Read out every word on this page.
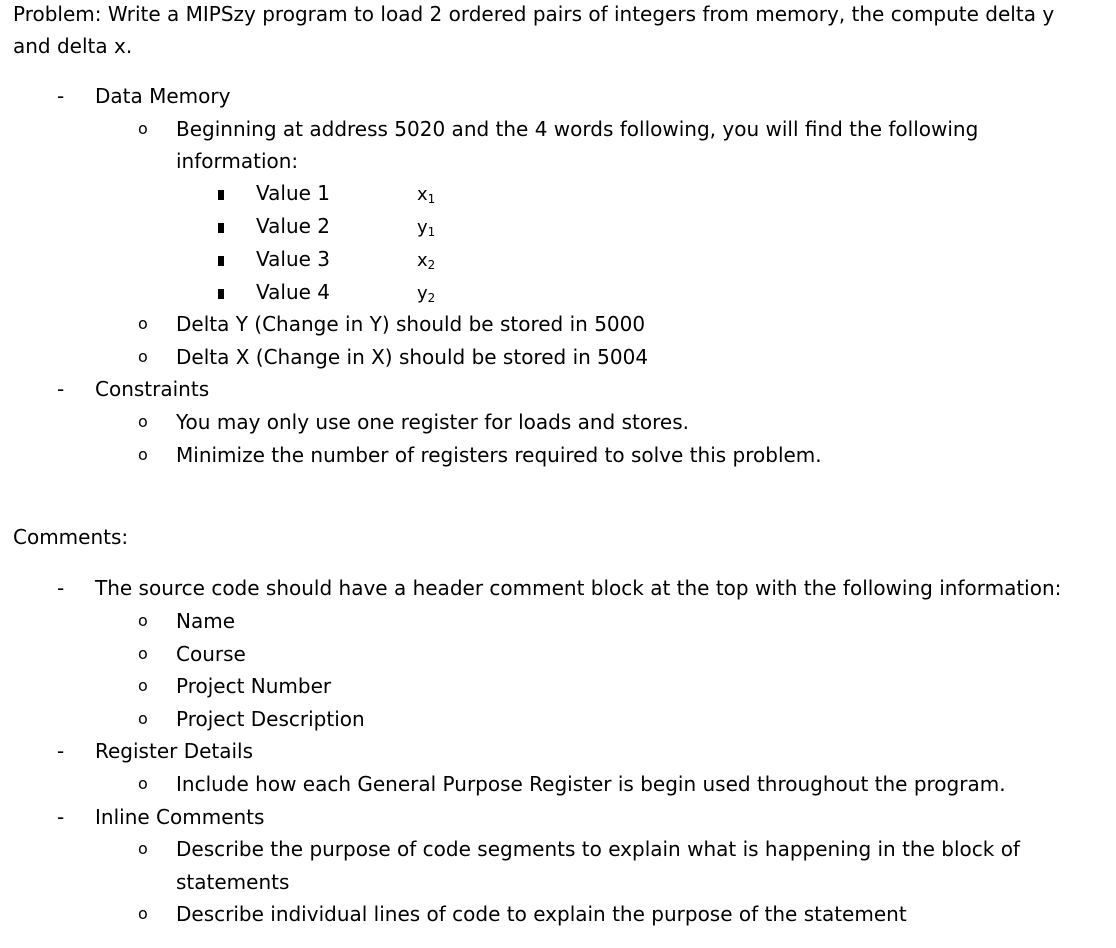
Problem: Write a MIPSzy program to load 2 ordered pairs of integers from memory, the compute delta y
and delta x.
- Data Memory
o Beginning at address 5020 and the 4 words following, you will find the following
information:
Value 1	$x_1$
Value 2	$y_1$
Value 3	$x_2$
Value 4	$y_2$
o Delta Y (Change in Y) should be stored in 5000
o Delta X (Change in X) should be stored in 5004
- Constraints
o You may only use one register for loads and stores.
o Minimize the number of registers required to solve this problem.
Comments:
- The source code should have a header comment block at the top with the following information:
o Name
o Course
o Project Number
o Project Description
- Register Details
o Include how each General Purpose Register is begin used throughout the program.
- Inline Comments
o Describe the purpose of code segments to explain what is happening in the block of
statements
o Describe individual lines of code to explain the purpose of the statement
